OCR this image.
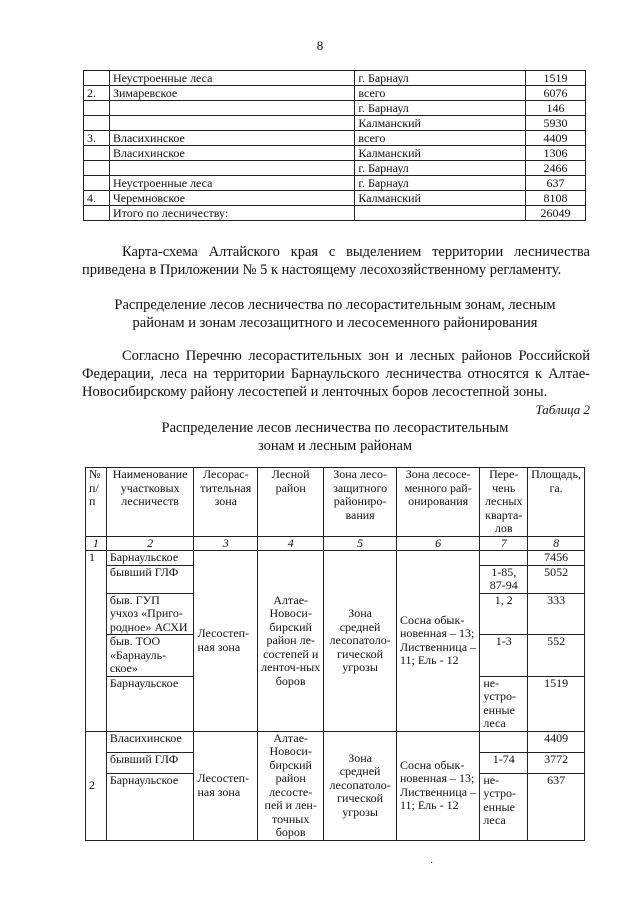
8
	Неустроенные леса	г. Барнаул	1519
2.	Зимаревское	всего	6076
		г. Барнаул	146
		Калманский	5930
3.	Власихинское	всего	4409
	Власихинское	Калманский	1306
		г. Барнаул	2466
	Неустроенные леса	г. Барнаул	637
4.	Черемновское	Калманский	8108
	Итого по лесничеству:		26049

Карта-схема Алтайского края с выделением территории лесничества приведена в Приложении № 5 к настоящему лесохозяйственному регламенту.

Распределение лесов лесничества по лесорастительным зонам, лесным районам и зонам лесозащитного и лесосеменного районирования

Согласно Перечню лесорастительных зон и лесных районов Российской Федерации, леса на территории Барнаульского лесничества относятся к Алтае-Новосибирскому району лесостепей и ленточных боров лесостепной зоны.

Таблица 2

Распределение лесов лесничества по лесорастительным зонам и лесным районам

№ п/п	Наименование участковых лесничеств	Лесорас-тительная зона	Лесной район	Зона лесо-защитного райониро-вания	Зона лесосе-менного рай-онирования	Пере-чень лесных кварта-лов	Площадь, га.
1	2	3	4	5	6	7	8
1	Барнаульское	Лесостеп-ная зона	Алтае-Новоси-бирский район ле-состепей и ленточ-ных боров	Зона средней лесопатоло-гической угрозы	Сосна обык-новенная – 13; Лиственница – 11; Ель - 12		7456
	бывший ГЛФ					1-85, 87-94	5052
	быв. ГУП учхоз «Приго-родное» АСХИ					1, 2	333
	быв. ТОО «Барнауль-ское»					1-3	552
	Барнаульское					не-устро-енные леса	1519
2	Власихинское	Лесостеп-ная зона	Алтае-Новоси-бирский район лесосте-пей и лен-точных боров	Зона средней лесопатоло-гической угрозы	Сосна обык-новенная – 13; Лиственница – 11; Ель - 12		4409
	бывший ГЛФ					1-74	3772
	Барнаульское					не-устро-енные леса	637
·
